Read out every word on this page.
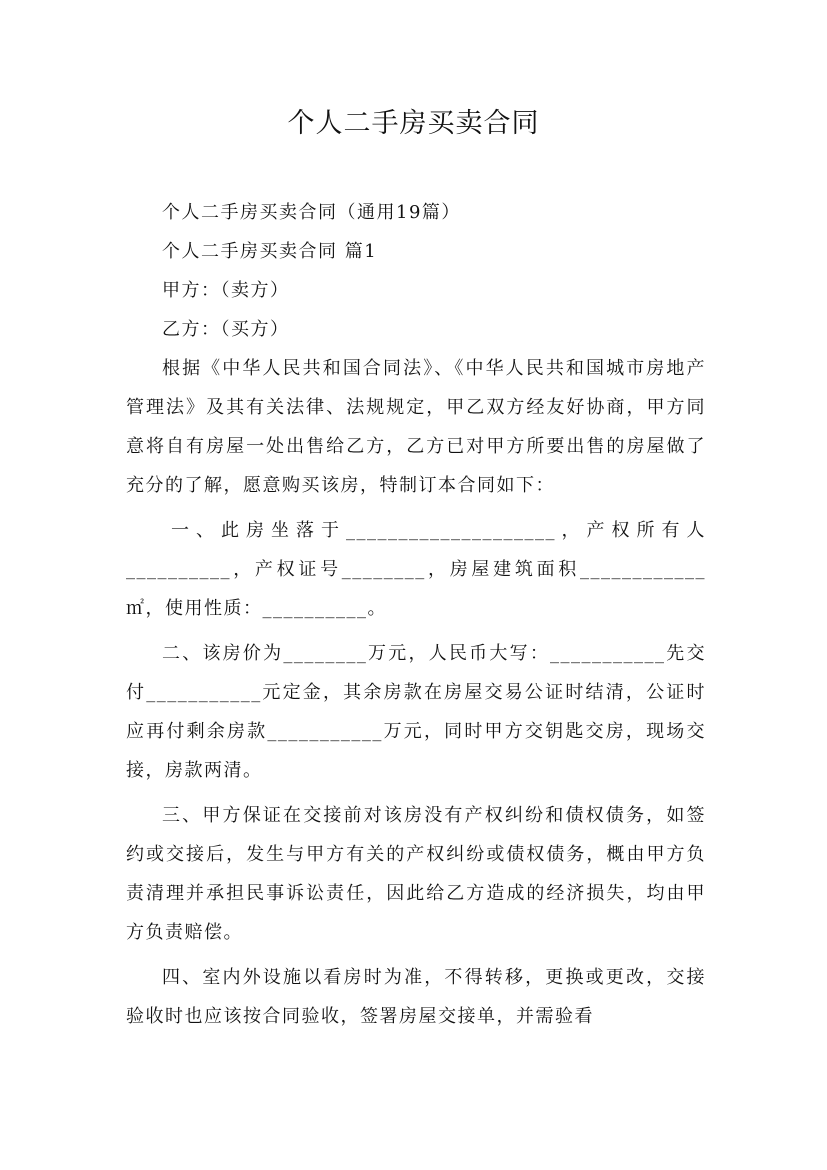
个人二手房买卖合同

个人二手房买卖合同（通用19篇）

个人二手房买卖合同 篇1

甲方：（卖方）

乙方：（买方）

根据《中华人民共和国合同法》、《中华人民共和国城市房地产管理法》及其有关法律、法规规定，甲乙双方经友好协商，甲方同意将自有房屋一处出售给乙方，乙方已对甲方所要出售的房屋做了充分的了解，愿意购买该房，特制订本合同如下：

一、此房坐落于____________________，产权所有人__________，产权证号________，房屋建筑面积____________㎡，使用性质：__________。

二、该房价为________万元，人民币大写：___________先交付___________元定金，其余房款在房屋交易公证时结清，公证时应再付剩余房款___________万元，同时甲方交钥匙交房，现场交接，房款两清。

三、甲方保证在交接前对该房没有产权纠纷和债权债务，如签约或交接后，发生与甲方有关的产权纠纷或债权债务，概由甲方负责清理并承担民事诉讼责任，因此给乙方造成的经济损失，均由甲方负责赔偿。

四、室内外设施以看房时为准，不得转移，更换或更改，交接验收时也应该按合同验收，签署房屋交接单，并需验看
